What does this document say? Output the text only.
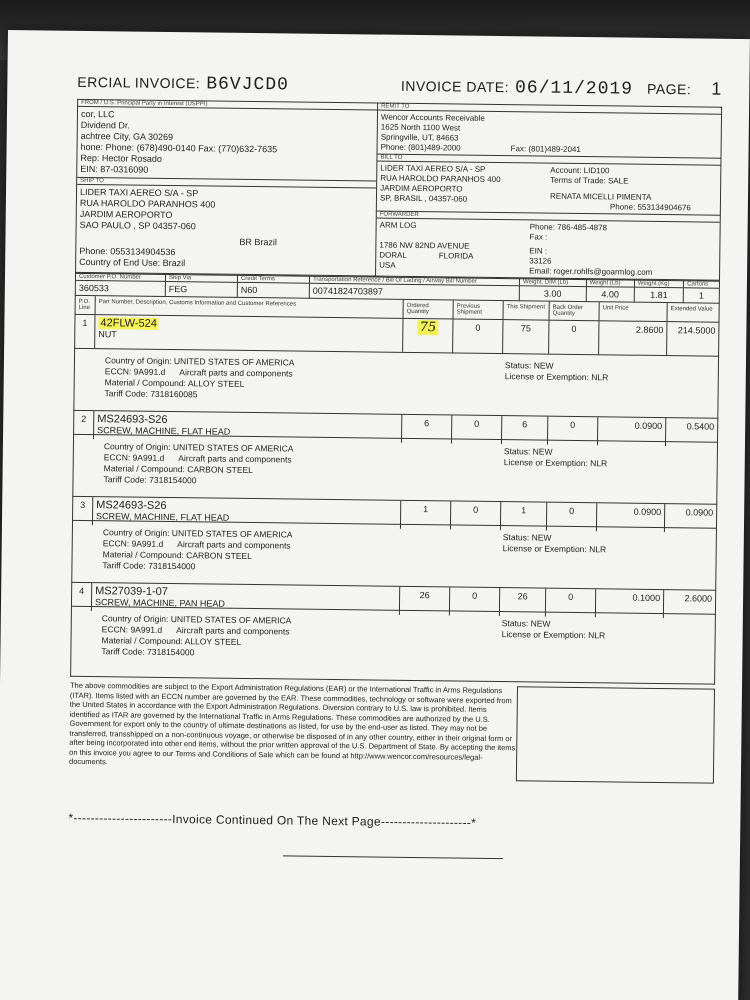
ERCIAL INVOICE: B6VJCD0	INVOICE DATE: 06/11/2019 PAGE: 1
FROM / U.S. Principal Party in Interest (USPPI)
cor, LLC
Dividend Dr.
achtree City, GA 30269
hone: Phone: (678)490-0140 Fax: (770)632-7635
Rep: Hector Rosado
EIN: 87-0316090
SHIP TO
LIDER TAXI AEREO S/A - SP
RUA HAROLDO PARANHOS 400
JARDIM AEROPORTO
SAO PAULO , SP 04357-060
BR Brazil
Phone: 0553134904536
Country of End Use: Brazil

REMIT TO
Wencor Accounts Receivable
1625 North 1100 West
Springville, UT, 84663
Phone: (801)489-2000	Fax: (801)489-2041

BILL TO
LIDER TAXI AEREO S/A - SP
RUA HAROLDO PARANHOS 400
JARDIM AEROPORTO
SP, BRASIL , 04357-060
Account: LID100
Terms of Trade: SALE
RENATA MICELLI PIMENTA
Phone: 553134904676

FORWARDER
ARM LOG
1786 NW 82ND AVENUE
DORAL	FLORIDA
USA
Phone: 786-485-4878
Fax :
EIN :
33126
Email: roger.rohlfs@goarmlog.com
Customer P.O. Number
360533

Ship Via
FEG

Credit Terms
N60

Transportation Reference / Bill Of Lading / Airway Bill Number
00741824703897

Weight, DIM (Lb)
3.00

Weight (Lb)
4.00

Weight (Kg)
1.81

Cartons
1
P.O. Line
Part Number, Description, Customs Information and Customer References	Ordered Quantity
Previous Shipment
This Shipment	Back Order Quantity
Unit Price	Extended Value
1	42FLW-524
NUT	75	0	75	0	2.8600	214.5000
Country of Origin: UNITED STATES OF AMERICA
ECCN: 9A991.d Aircraft parts and components
Material / Compound: ALLOY STEEL
Tariff Code: 7318160085
Status: NEW
License or Exemption: NLR
2 MS24693-S26
SCREW, MACHINE, FLAT HEAD
6	0	6	0	0.0900	0.5400
Country of Origin: UNITED STATES OF AMERICA
ECCN: 9A991.d Aircraft parts and components
Material / Compound: CARBON STEEL
Tariff Code: 7318154000
Status: NEW
License or Exemption: NLR
3 MS24693-S26
SCREW, MACHINE, FLAT HEAD
1	0	1	0	0.0900	0.0900
Country of Origin: UNITED STATES OF AMERICA
ECCN: 9A991.d Aircraft parts and components
Material / Compound: CARBON STEEL
Tariff Code: 7318154000
Status: NEW
License or Exemption: NLR
4 MS27039-1-07
SCREW, MACHINE, PAN HEAD
26	0	26	0	0.1000	2.6000
Country of Origin: UNITED STATES OF AMERICA
ECCN: 9A991.d Aircraft parts and components
Material / Compound: ALLOY STEEL
Tariff Code: 7318154000
Status: NEW
License or Exemption: NLR

The above commodities are subject to the Export Administration Regulations (EAR) or the International Traffic in Arms Regulations (ITAR). Items listed with an ECCN number are governed by the EAR. These commodities, technology or software were exported from the United States in accordance with the Export Administration Regulations. Diversion contrary to U.S. law is prohibited. Items identified as ITAR are governed by the International Traffic in Arms Regulations. These commodities are authorized by the U.S. Government for export only to the country of ultimate destinations as listed, for use by the end-user as listed. They may not be transferred, transshipped on a non-continuous voyage, or otherwise be disposed of in any other country, either in their original form or after being incorporated into other end items, without the prior written approval of the U.S. Department of State. By accepting the items on this invoice you agree to our Terms and Conditions of Sale which can be found at http://www.wencor.com/resources/legal-documents.

*-----------------------Invoice Continued On The Next Page---------------------*
